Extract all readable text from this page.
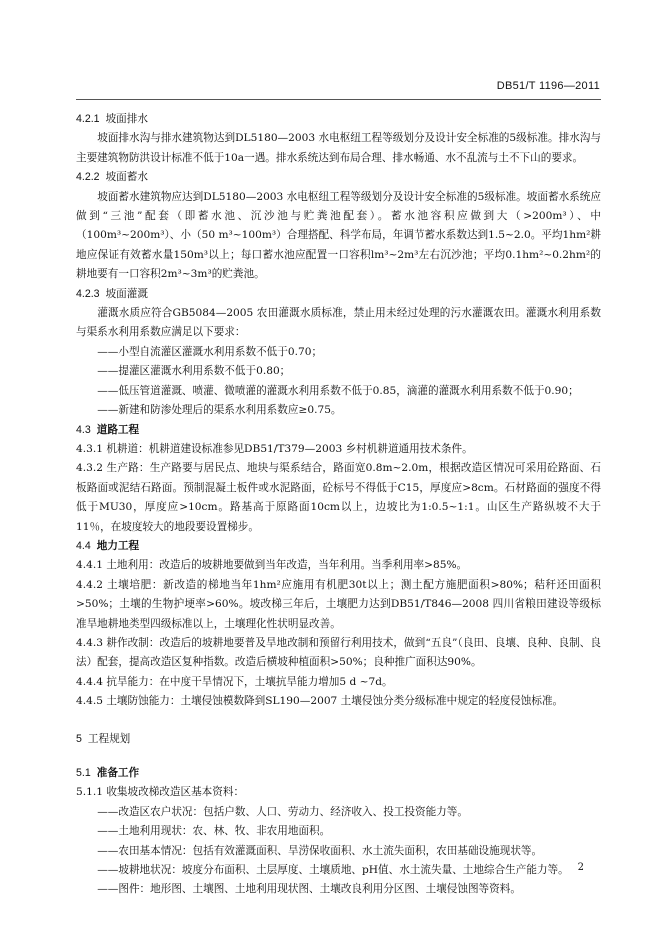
DB51/T 1196—2011

4.2.1 坡面排水

坡面排水沟与排水建筑物达到DL5180—2003 水电枢纽工程等级划分及设计安全标准的5级标准。排水沟与主要建筑物防洪设计标准不低于10a一遇。排水系统达到布局合理、排水畅通、水不乱流与土不下山的要求。

4.2.2 坡面蓄水

坡面蓄水建筑物应达到DL5180—2003 水电枢纽工程等级划分及设计安全标准的5级标准。坡面蓄水系统应做到“三池”配套（即蓄水池、沉沙池与贮粪池配套）。蓄水池容积应做到大（>200m³）、中（100m³~200m³）、小（50 m³~100m³）合理搭配、科学布局，年调节蓄水系数达到1.5~2.0。平均1hm²耕地应保证有效蓄水量150m³以上；每口蓄水池应配置一口容积lm³~2m³左右沉沙池；平均0.1hm²~0.2hm²的耕地要有一口容积2m³~3m³的贮粪池。

4.2.3 坡面灌溉

灌溉水质应符合GB5084—2005 农田灌溉水质标准，禁止用未经过处理的污水灌溉农田。灌溉水利用系数与渠系水利用系数应满足以下要求：

——小型自流灌区灌溉水利用系数不低于0.70；

——提灌区灌溉水利用系数不低于0.80；

——低压管道灌溉、喷灌、微喷灌的灌溉水利用系数不低于0.85，滴灌的灌溉水利用系数不低于0.90；

——新建和防渗处理后的渠系水利用系数应≥0.75。

4.3 道路工程

4.3.1 机耕道：机耕道建设标准参见DB51/T379—2003 乡村机耕道通用技术条件。

4.3.2 生产路：生产路要与居民点、地块与渠系结合，路面宽0.8m~2.0m，根据改造区情况可采用砼路面、石板路面或泥结石路面。预制混凝土板件或水泥路面，砼标号不得低于C15，厚度应>8cm。石材路面的强度不得低于MU30，厚度应>10cm。路基高于原路面10cm以上，边坡比为1:0.5~1:1。山区生产路纵坡不大于11％，在坡度较大的地段要设置梯步。

4.4 地力工程

4.4.1 土地利用：改造后的坡耕地要做到当年改造，当年利用。当季利用率>85%。

4.4.2 土壤培肥：新改造的梯地当年1hm²应施用有机肥30t以上；测土配方施肥面积>80%；秸秆还田面积>50%；土壤的生物护埂率>60%。坡改梯三年后，土壤肥力达到DB51/T846—2008 四川省粮田建设等级标准旱地耕地类型四级标准以上，土壤理化性状明显改善。

4.4.3 耕作改制：改造后的坡耕地要普及旱地改制和预留行利用技术，做到“五良”（良田、良壤、良种、良制、良法）配套，提高改造区复种指数。改造后横坡种植面积>50%；良种推广面积达90%。

4.4.4 抗旱能力：在中度干旱情况下，土壤抗旱能力增加5 d ~7d。

4.4.5 土壤防蚀能力：土壤侵蚀模数降到SL190—2007 土壤侵蚀分类分级标准中规定的轻度侵蚀标准。

5 工程规划

5.1 准备工作

5.1.1 收集坡改梯改造区基本资料：

——改造区农户状况：包括户数、人口、劳动力、经济收入、投工投资能力等。

——土地利用现状：农、林、牧、非农用地面积。

——农田基本情况：包括有效灌溉面积、旱涝保收面积、水土流失面积，农田基础设施现状等。

——坡耕地状况：坡度分布面积、土层厚度、土壤质地、pH值、水土流失量、土地综合生产能力等。

——图件：地形图、土壤图、土地利用现状图、土壤改良利用分区图、土壤侵蚀图等资料。

2
